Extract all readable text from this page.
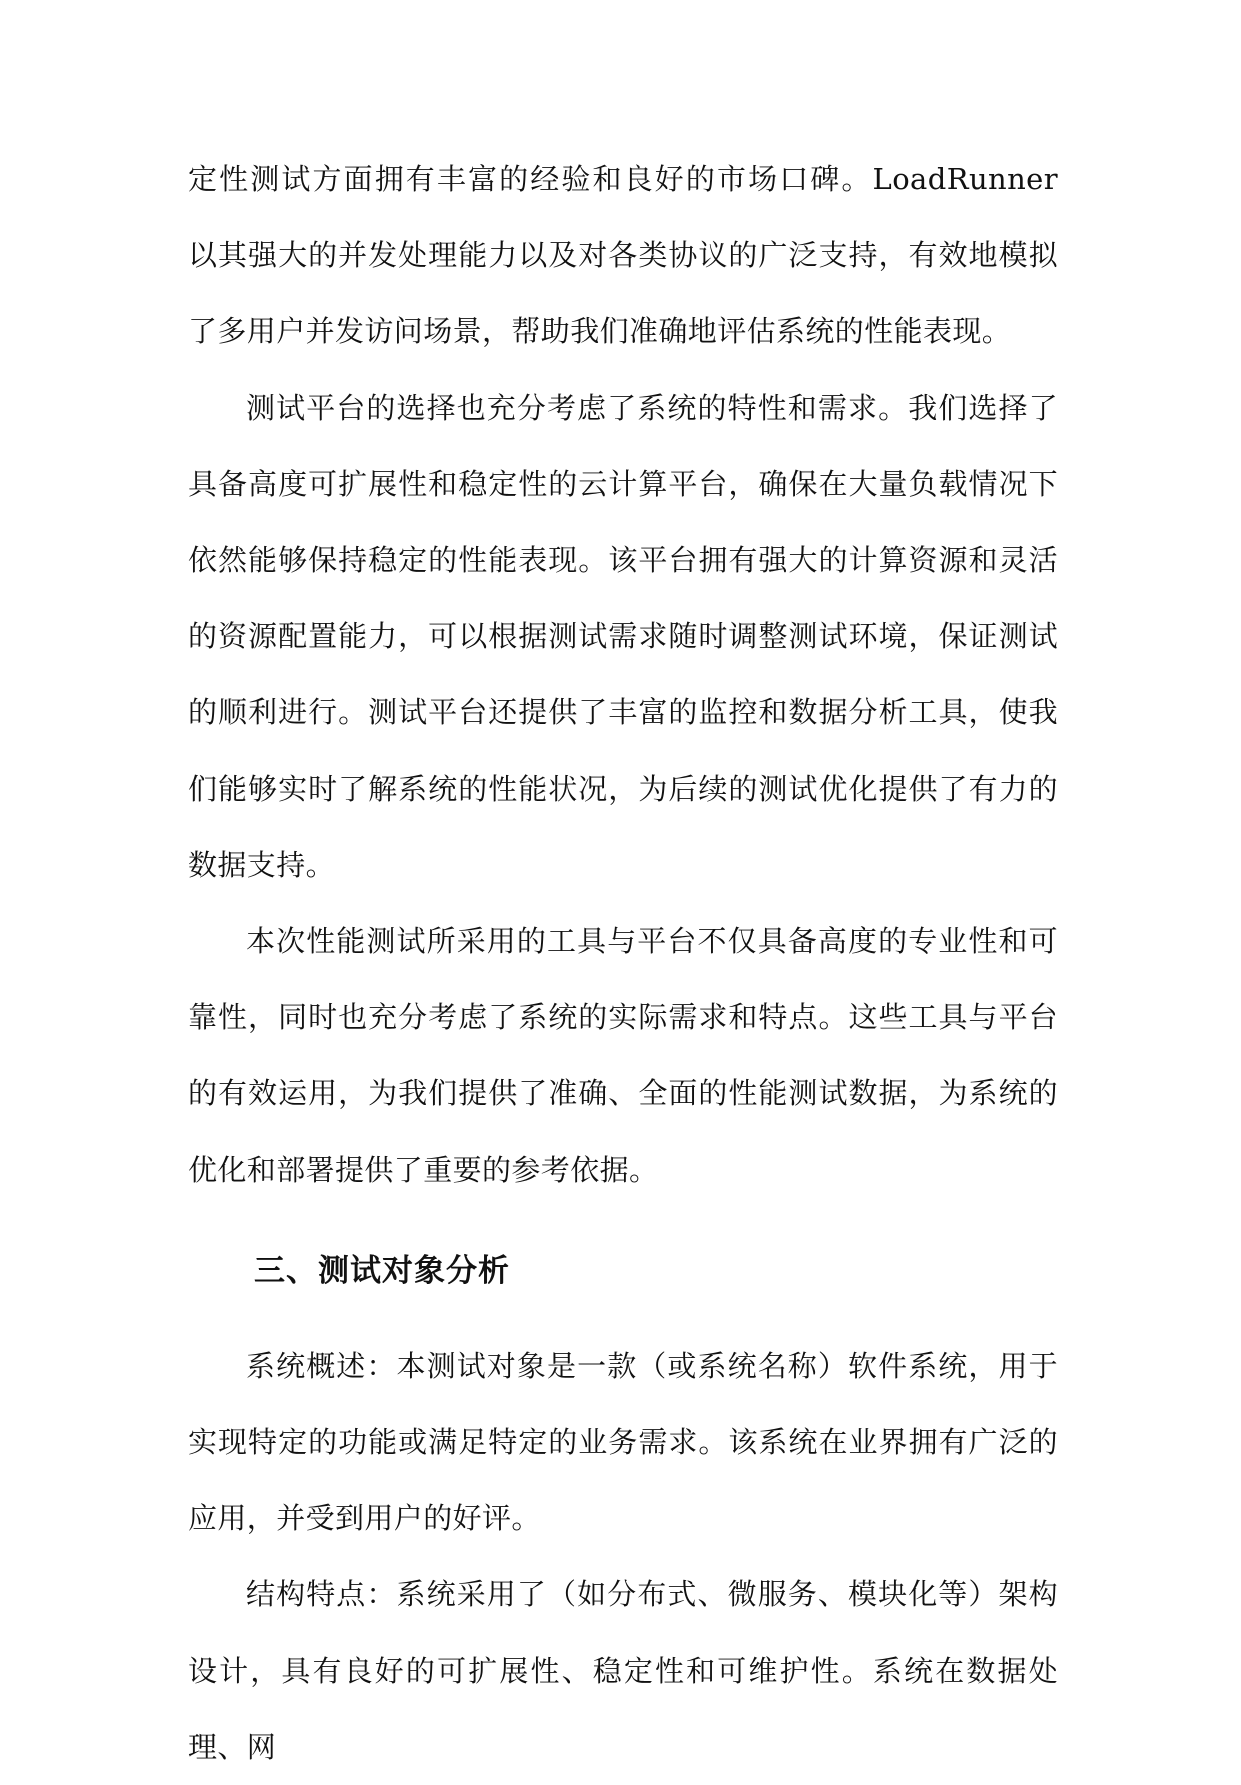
定性测试方面拥有丰富的经验和良好的市场口碑。LoadRunner 以其强大的并发处理能力以及对各类协议的广泛支持，有效地模拟了多用户并发访问场景，帮助我们准确地评估系统的性能表现。

测试平台的选择也充分考虑了系统的特性和需求。我们选择了具备高度可扩展性和稳定性的云计算平台，确保在大量负载情况下依然能够保持稳定的性能表现。该平台拥有强大的计算资源和灵活的资源配置能力，可以根据测试需求随时调整测试环境，保证测试的顺利进行。测试平台还提供了丰富的监控和数据分析工具，使我们能够实时了解系统的性能状况，为后续的测试优化提供了有力的数据支持。

本次性能测试所采用的工具与平台不仅具备高度的专业性和可靠性，同时也充分考虑了系统的实际需求和特点。这些工具与平台的有效运用，为我们提供了准确、全面的性能测试数据，为系统的优化和部署提供了重要的参考依据。

三、测试对象分析

系统概述：本测试对象是一款（或系统名称）软件系统，用于实现特定的功能或满足特定的业务需求。该系统在业界拥有广泛的应用，并受到用户的好评。

结构特点：系统采用了（如分布式、微服务、模块化等）架构设计，具有良好的可扩展性、稳定性和可维护性。系统在数据处理、网
